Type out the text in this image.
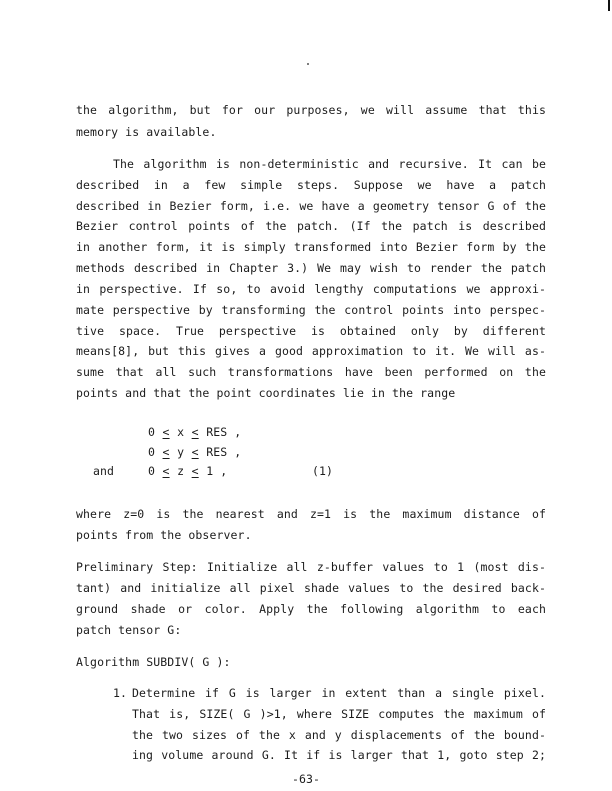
the algorithm, but for our purposes, we will assume that this
memory is available.
The algorithm is non-deterministic and recursive. It can be
described in a few simple steps. Suppose we have a patch
described in Bezier form, i.e. we have a geometry tensor G of the
Bezier control points of the patch. (If the patch is described
in another form, it is simply transformed into Bezier form by the
methods described in Chapter 3.) We may wish to render the patch
in perspective. If so, to avoid lengthy computations we approxi-
mate perspective by transforming the control points into perspec-
tive space. True perspective is obtained only by different
means[8], but this gives a good approximation to it. We will as-
sume that all such transformations have been performed on the
points and that the point coordinates lie in the range
0 < x < RES ,
0 < y < RES ,
and	0 ≤ z ≤ 1 ,	(1)
where z=0 is the nearest and z=1 is the maximum distance of
points from the observer.
Preliminary Step: Initialize all z-buffer values to 1 (most dis-
tant) and initialize all pixel shade values to the desired back-
ground shade or color. Apply the following algorithm to each
patch tensor G:
Algorithm SUBDIV( G ):
1. Determine if G is larger in extent than a single pixel.
That is, SIZE( G )>1, where SIZE computes the maximum of
the two sizes of the x and y displacements of the bound-
ing volume around G. It if is larger that 1, goto step 2;
-63-
